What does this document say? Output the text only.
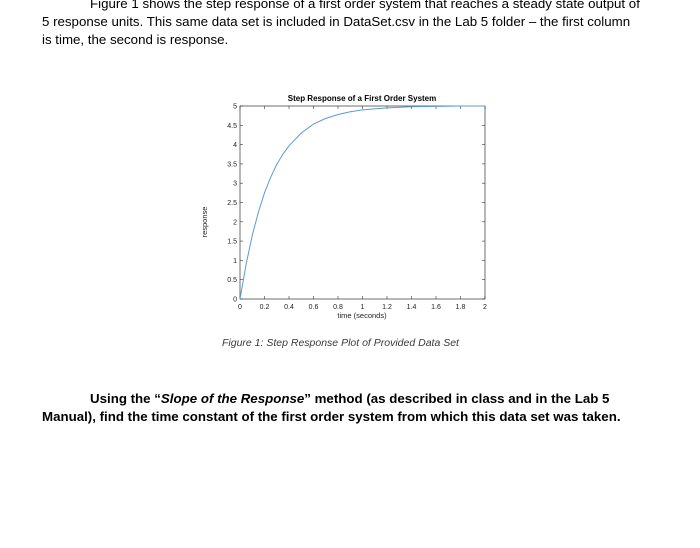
Figure 1 shows the step response of a first order system that reaches a steady state output of 5 response units. This same data set is included in DataSet.csv in the Lab 5 folder – the first column is time, the second is response.
0
0.5
1
1.5
2
2.5
3
3.5
4
4.5
5
0	0.2 0.4 0.6 0.8	1	1.2 1.4 1.6 1.8	2
Step Response of a First Order System
time (seconds)
response
Figure 1: Step Response Plot of Provided Data Set
Using the “Slope of the Response” method (as described in class and in the Lab 5 Manual), find the time constant of the first order system from which this data set was taken.
